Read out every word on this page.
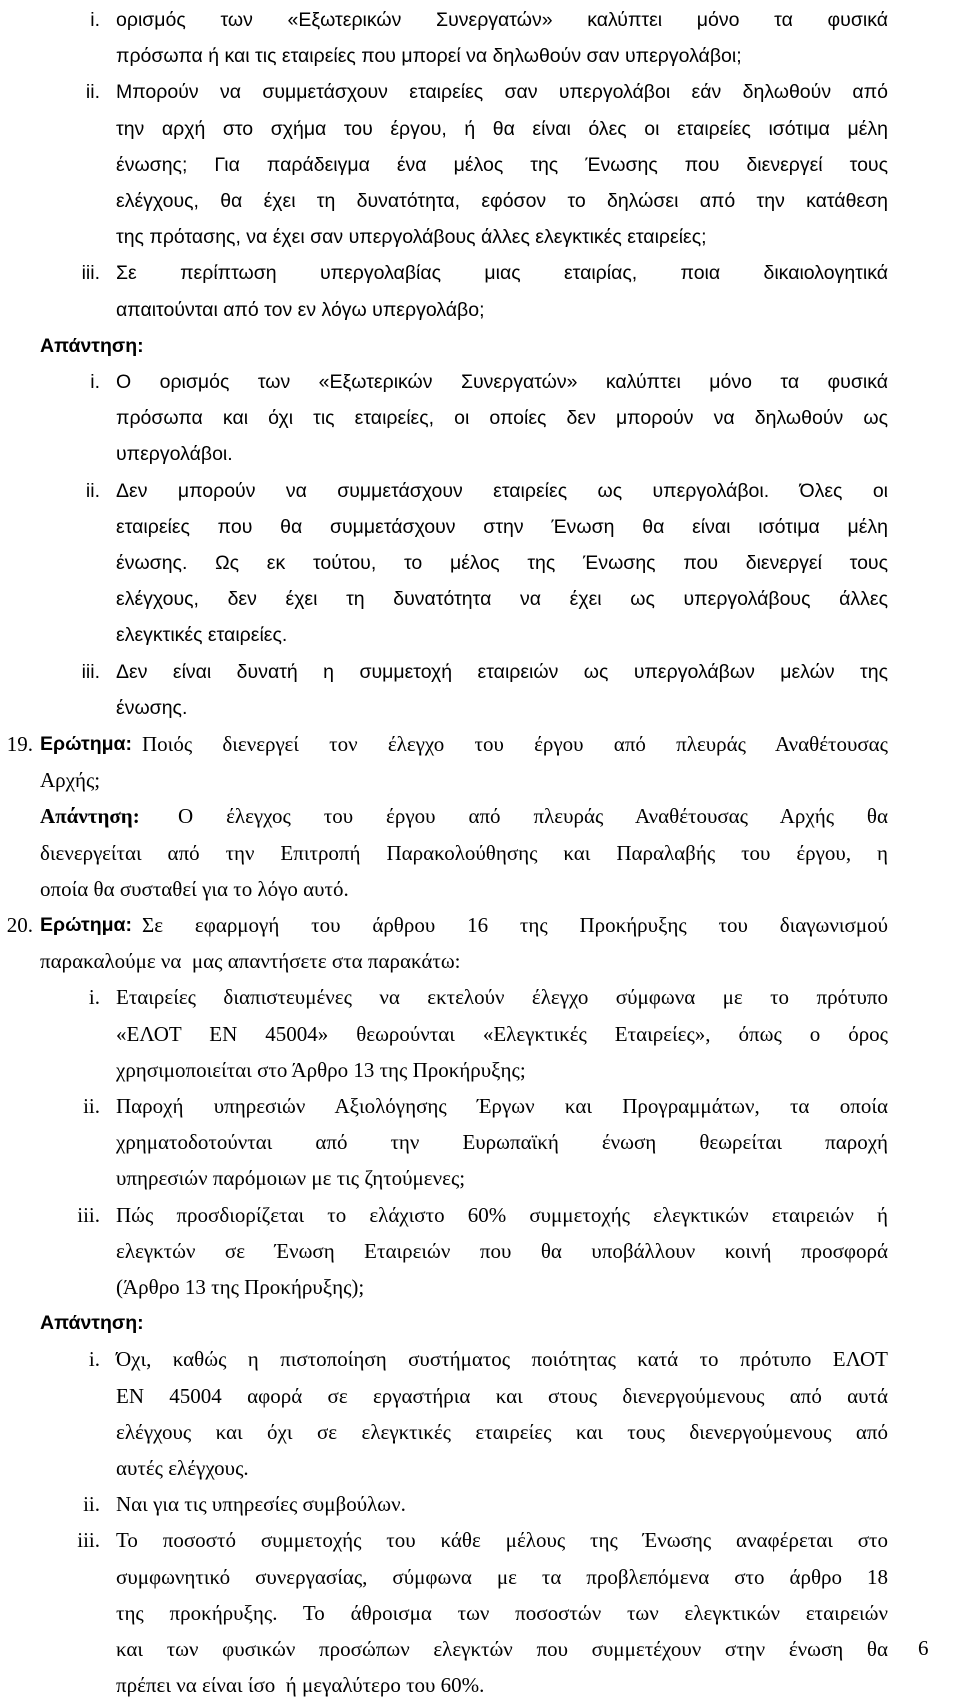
i. ορισμός των «Εξωτερικών Συνεργατών» καλύπτει μόνο τα φυσικά
πρόσωπα ή και τις εταιρείες που μπορεί να δηλωθούν σαν υπεργολάβοι;
ii. Μπορούν να συμμετάσχουν εταιρείες σαν υπεργολάβοι εάν δηλωθούν από
την αρχή στο σχήμα του έργου, ή θα είναι όλες οι εταιρείες ισότιμα μέλη
ένωσης; Για παράδειγμα ένα μέλος της Ένωσης που διενεργεί τους
ελέγχους, θα έχει τη δυνατότητα, εφόσον το δηλώσει από την κατάθεση
της πρότασης, να έχει σαν υπεργολάβους άλλες ελεγκτικές εταιρείες;
iii. Σε περίπτωση υπεργολαβίας μιας εταιρίας, ποια δικαιολογητικά
απαιτούνται από τον εν λόγω υπεργολάβο;
Απάντηση:
i. Ο ορισμός των «Εξωτερικών Συνεργατών» καλύπτει μόνο τα φυσικά
πρόσωπα και όχι τις εταιρείες, οι οποίες δεν μπορούν να δηλωθούν ως
υπεργολάβοι.
ii. Δεν μπορούν να συμμετάσχουν εταιρείες ως υπεργολάβοι. Όλες οι
εταιρείες που θα συμμετάσχουν στην Ένωση θα είναι ισότιμα μέλη
ένωσης. Ως εκ τούτου, το μέλος της Ένωσης που διενεργεί τους
ελέγχους, δεν έχει τη δυνατότητα να έχει ως υπεργολάβους άλλες
ελεγκτικές εταιρείες.
iii. Δεν είναι δυνατή η συμμετοχή εταιρειών ως υπεργολάβων μελών της
ένωσης.
19. Ερώτημα: Ποιός διενεργεί τον έλεγχο του έργου από πλευράς Αναθέτουσας
Αρχής;
Απάντηση: Ο έλεγχος του έργου από πλευράς Αναθέτουσας Αρχής θα
διενεργείται από την Επιτροπή Παρακολούθησης και Παραλαβής του έργου, η
οποία θα συσταθεί για το λόγο αυτό.
20. Ερώτημα: Σε εφαρμογή του άρθρου 16 της Προκήρυξης του διαγωνισμού
παρακαλούμε να  μας απαντήσετε στα παρακάτω:
i. Εταιρείες διαπιστευμένες να εκτελούν έλεγχο σύμφωνα με το πρότυπο
«ΕΛΟΤ ΕΝ 45004» θεωρούνται «Ελεγκτικές Εταιρείες», όπως ο όρος
χρησιμοποιείται στο Άρθρο 13 της Προκήρυξης;
ii. Παροχή υπηρεσιών Αξιολόγησης Έργων και Προγραμμάτων, τα οποία
χρηματοδοτούνται από την Ευρωπαϊκή ένωση θεωρείται παροχή
υπηρεσιών παρόμοιων με τις ζητούμενες;
iii. Πώς προσδιορίζεται το ελάχιστο 60% συμμετοχής ελεγκτικών εταιρειών ή
ελεγκτών σε Ένωση Εταιρειών που θα υποβάλλουν κοινή προσφορά
(Άρθρο 13 της Προκήρυξης);
Απάντηση:
i. Όχι, καθώς η πιστοποίηση συστήματος ποιότητας κατά το πρότυπο ΕΛΟΤ
ΕΝ 45004 αφορά σε εργαστήρια και στους διενεργούμενους από αυτά
ελέγχους και όχι σε ελεγκτικές εταιρείες και τους διενεργούμενους από
αυτές ελέγχους.
ii. Ναι για τις υπηρεσίες συμβούλων.
iii. Το ποσοστό συμμετοχής του κάθε μέλους της Ένωσης αναφέρεται στο
συμφωνητικό συνεργασίας, σύμφωνα με τα προβλεπόμενα στο άρθρο 18
της προκήρυξης. Το άθροισμα των ποσοστών των ελεγκτικών εταιρειών
και των φυσικών προσώπων ελεγκτών που συμμετέχουν στην ένωση θα
πρέπει να είναι ίσο  ή μεγαλύτερο του 60%.
6
